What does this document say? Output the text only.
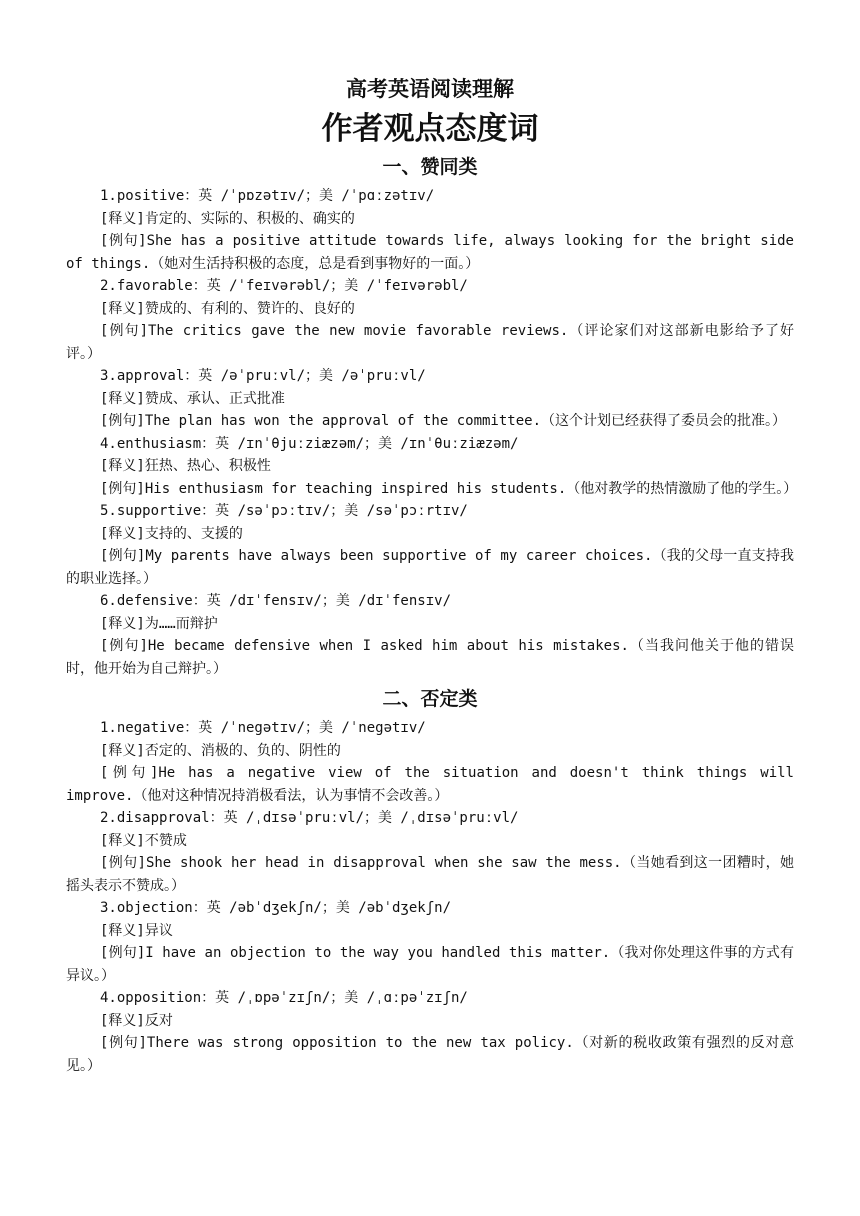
高考英语阅读理解
作者观点态度词
一、赞同类

1.positive：英 /ˈpɒzətɪv/；美 /ˈpɑːzətɪv/

[释义]肯定的、实际的、积极的、确实的

[例句]She has a positive attitude towards life, always looking for the bright side of things.（她对生活持积极的态度，总是看到事物好的一面。）

2.favorable：英 /ˈfeɪvərəbl/；美 /ˈfeɪvərəbl/

[释义]赞成的、有利的、赞许的、良好的

[例句]The critics gave the new movie favorable reviews.（评论家们对这部新电影给予了好评。）

3.approval：英 /əˈpruːvl/；美 /əˈpruːvl/

[释义]赞成、承认、正式批准

[例句]The plan has won the approval of the committee.（这个计划已经获得了委员会的批准。）

4.enthusiasm：英 /ɪnˈθjuːziæzəm/；美 /ɪnˈθuːziæzəm/

[释义]狂热、热心、积极性

[例句]His enthusiasm for teaching inspired his students.（他对教学的热情激励了他的学生。）

5.supportive：英 /səˈpɔːtɪv/；美 /səˈpɔːrtɪv/

[释义]支持的、支援的

[例句]My parents have always been supportive of my career choices.（我的父母一直支持我的职业选择。）

6.defensive：英 /dɪˈfensɪv/；美 /dɪˈfensɪv/

[释义]为……而辩护

[例句]He became defensive when I asked him about his mistakes.（当我问他关于他的错误时，他开始为自己辩护。）

二、否定类

1.negative：英 /ˈnegətɪv/；美 /ˈnegətɪv/

[释义]否定的、消极的、负的、阴性的

[例句]He has a negative view of the situation and doesn't think things will improve.（他对这种情况持消极看法，认为事情不会改善。）

2.disapproval：英 /ˌdɪsəˈpruːvl/；美 /ˌdɪsəˈpruːvl/

[释义]不赞成

[例句]She shook her head in disapproval when she saw the mess.（当她看到这一团糟时，她摇头表示不赞成。）

3.objection：英 /əbˈdʒekʃn/；美 /əbˈdʒekʃn/

[释义]异议

[例句]I have an objection to the way you handled this matter.（我对你处理这件事的方式有异议。）

4.opposition：英 /ˌɒpəˈzɪʃn/；美 /ˌɑːpəˈzɪʃn/

[释义]反对

[例句]There was strong opposition to the new tax policy.（对新的税收政策有强烈的反对意见。）
